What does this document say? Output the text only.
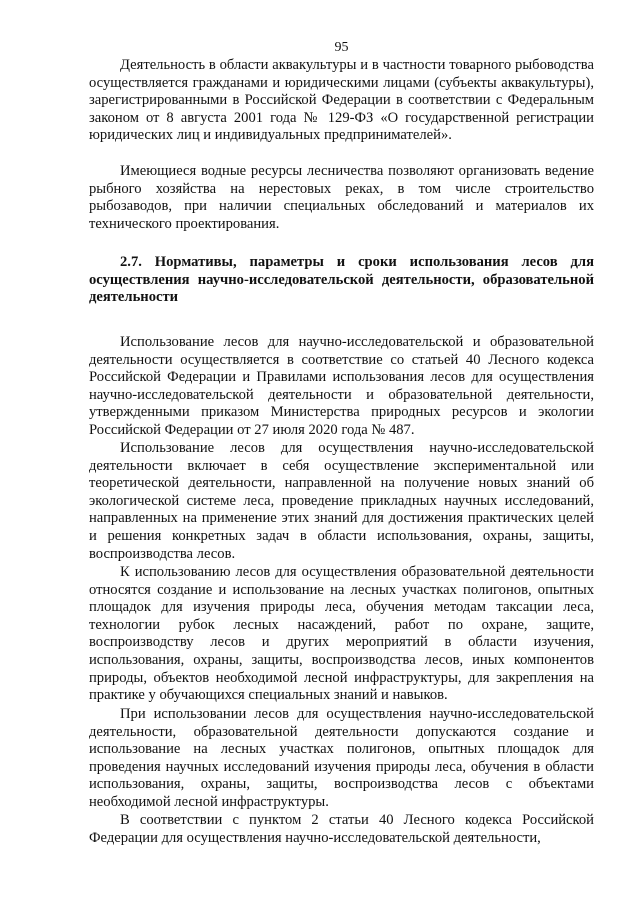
95

Деятельность в области аквакультуры и в частности товарного рыбоводства осуществляется гражданами и юридическими лицами (субъекты аквакультуры), зарегистрированными в Российской Федерации в соответствии с Федеральным законом от 8 августа 2001 года № 129-ФЗ «О государственной регистрации юридических лиц и индивидуальных предпринимателей».

Имеющиеся водные ресурсы лесничества позволяют организовать ведение рыбного хозяйства на нерестовых реках, в том числе строительство рыбозаводов, при наличии специальных обследований и материалов их технического проектирования.

2.7. Нормативы, параметры и сроки использования лесов для осуществления научно-исследовательской деятельности, образовательной деятельности

Использование лесов для научно-исследовательской и образовательной деятельности осуществляется в соответствие со статьей 40 Лесного кодекса Российской Федерации и Правилами использования лесов для осуществления научно-исследовательской деятельности и образовательной деятельности, утвержденными приказом Министерства природных ресурсов и экологии Российской Федерации от 27 июля 2020 года № 487.

Использование лесов для осуществления научно-исследовательской деятельности включает в себя осуществление экспериментальной или теоретической деятельности, направленной на получение новых знаний об экологической системе леса, проведение прикладных научных исследований, направленных на применение этих знаний для достижения практических целей и решения конкретных задач в области использования, охраны, защиты, воспроизводства лесов.

К использованию лесов для осуществления образовательной деятельности относятся создание и использование на лесных участках полигонов, опытных площадок для изучения природы леса, обучения методам таксации леса, технологии рубок лесных насаждений, работ по охране, защите, воспроизводству лесов и других мероприятий в области изучения, использования, охраны, защиты, воспроизводства лесов, иных компонентов природы, объектов необходимой лесной инфраструктуры, для закрепления на практике у обучающихся специальных знаний и навыков.

При использовании лесов для осуществления научно-исследовательской деятельности, образовательной деятельности допускаются создание и использование на лесных участках полигонов, опытных площадок для проведения научных исследований изучения природы леса, обучения в области использования, охраны, защиты, воспроизводства лесов с объектами необходимой лесной инфраструктуры.

В соответствии с пунктом 2 статьи 40 Лесного кодекса Российской Федерации для осуществления научно-исследовательской деятельности,
